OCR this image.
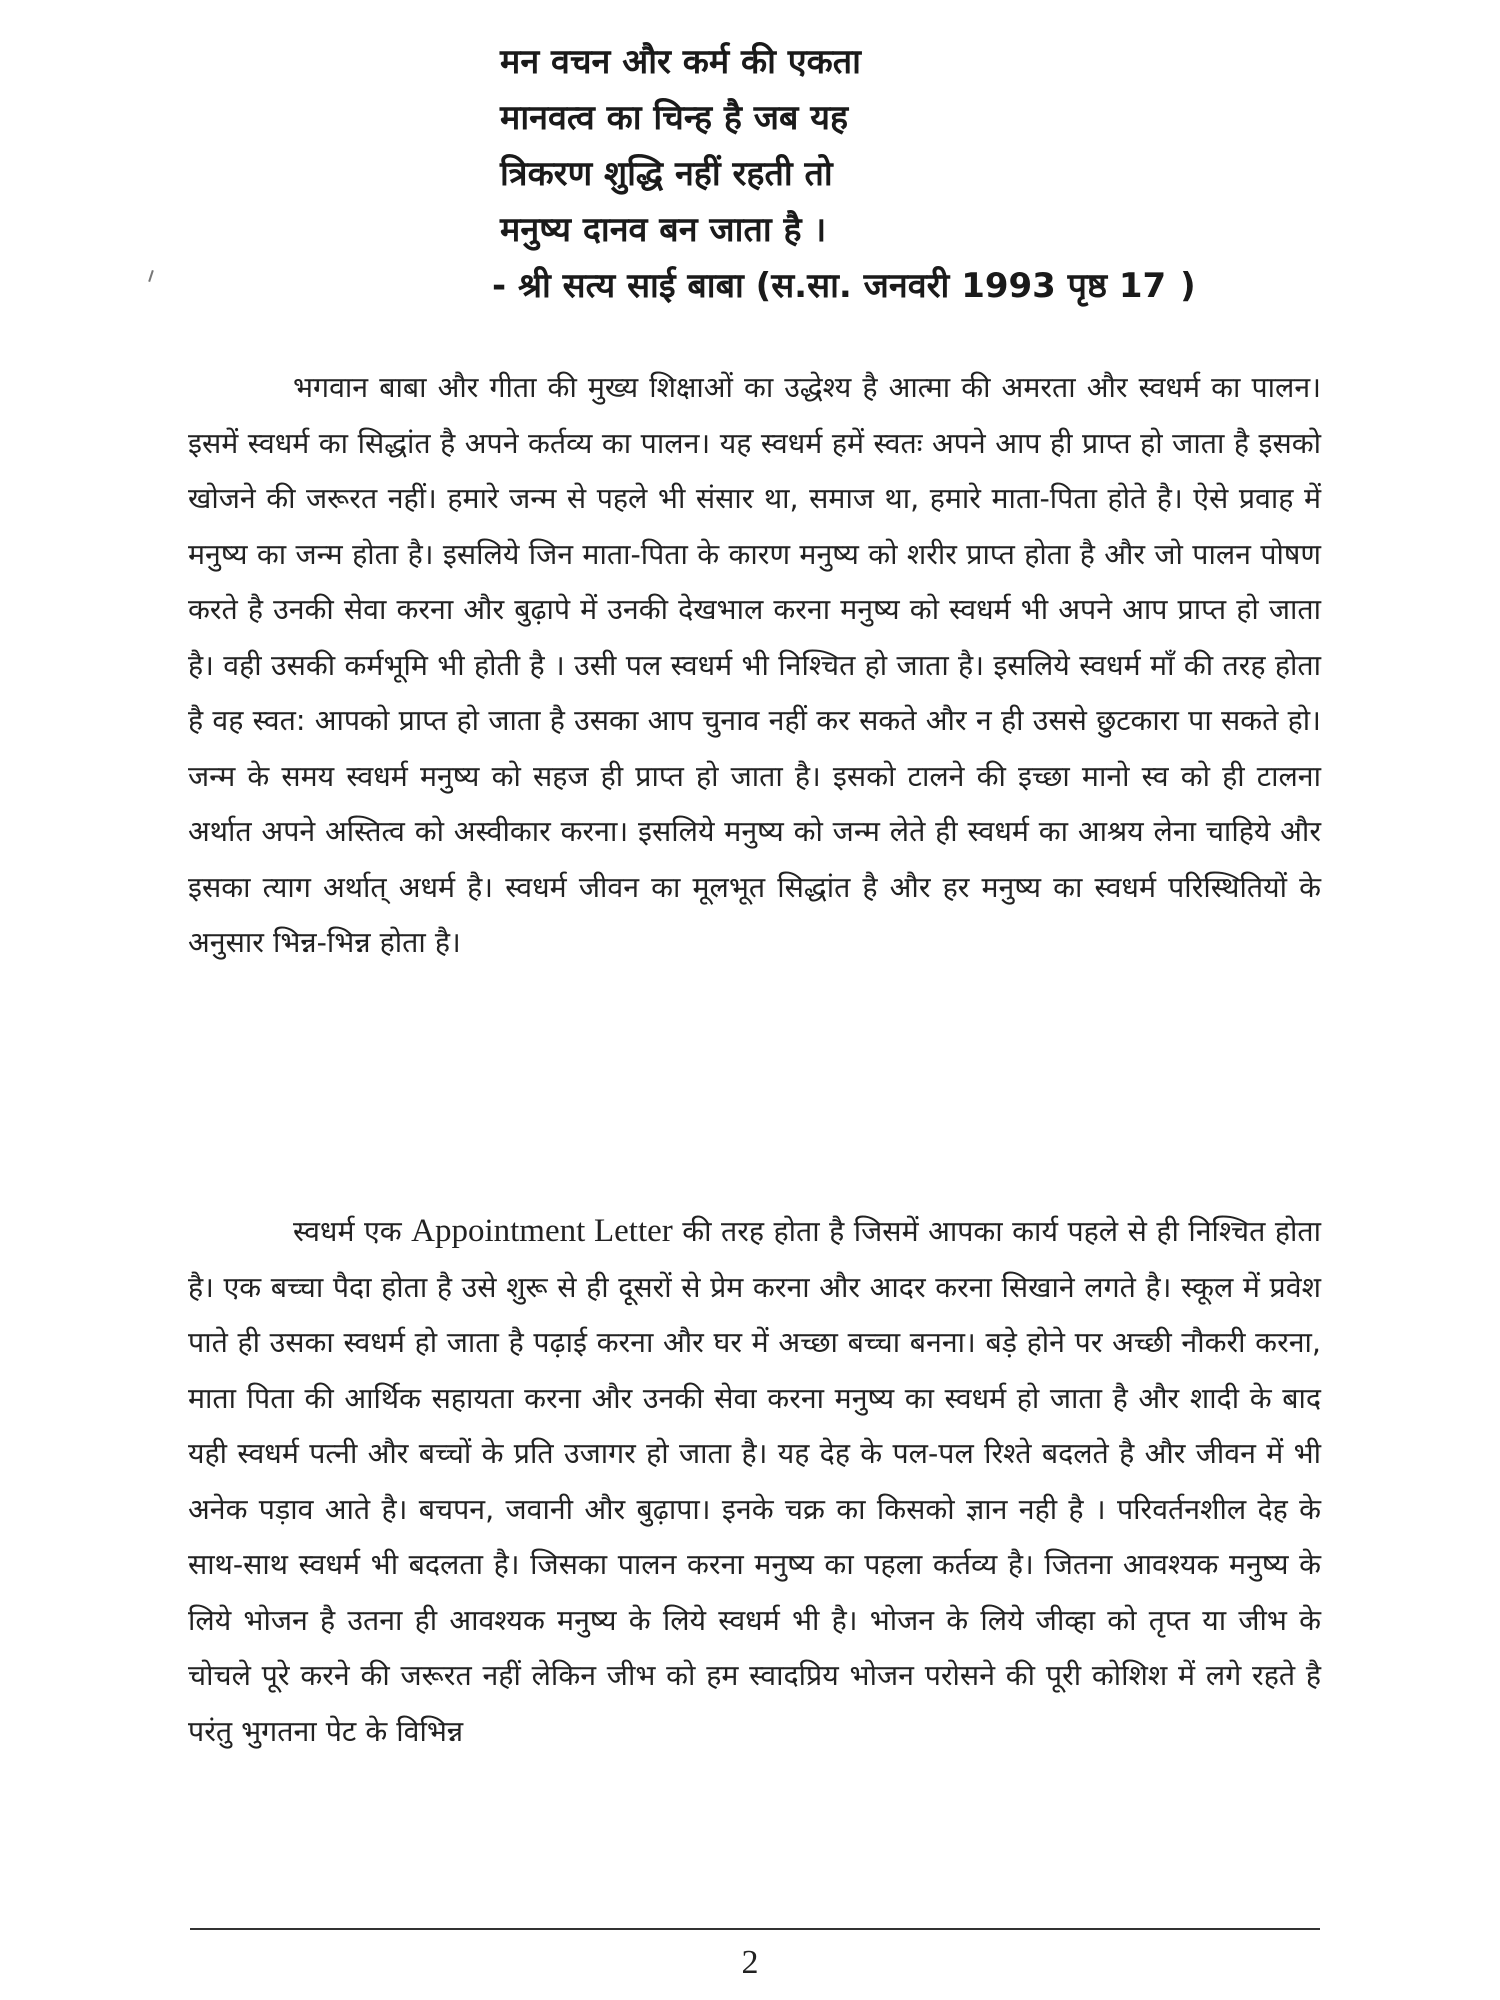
मन वचन और कर्म की एकता
मानवत्व का चिन्ह है जब यह
त्रिकरण शुद्धि नहीं रहती तो
मनुष्य दानव बन जाता है ।
- श्री सत्य साई बाबा (स.सा. जनवरी 1993 पृष्ठ 17 )

भगवान बाबा और गीता की मुख्य शिक्षाओं का उद्धेश्य है आत्मा की अमरता और स्वधर्म का पालन। इसमें स्वधर्म का सिद्धांत है अपने कर्तव्य का पालन। यह स्वधर्म हमें स्वतः अपने आप ही प्राप्त हो जाता है इसको खोजने की जरूरत नहीं। हमारे जन्म से पहले भी संसार था, समाज था, हमारे माता-पिता होते है। ऐसे प्रवाह में मनुष्य का जन्म होता है। इसलिये जिन माता-पिता के कारण मनुष्य को शरीर प्राप्त होता है और जो पालन पोषण करते है उनकी सेवा करना और बुढ़ापे में उनकी देखभाल करना मनुष्य को स्वधर्म भी अपने आप प्राप्त हो जाता है। वही उसकी कर्मभूमि भी होती है । उसी पल स्वधर्म भी निश्चित हो जाता है। इसलिये स्वधर्म माँ की तरह होता है वह स्वत: आपको प्राप्त हो जाता है उसका आप चुनाव नहीं कर सकते और न ही उससे छुटकारा पा सकते हो। जन्म के समय स्वधर्म मनुष्य को सहज ही प्राप्त हो जाता है। इसको टालने की इच्छा मानो स्व को ही टालना अर्थात अपने अस्तित्व को अस्वीकार करना। इसलिये मनुष्य को जन्म लेते ही स्वधर्म का आश्रय लेना चाहिये और इसका त्याग अर्थात् अधर्म है। स्वधर्म जीवन का मूलभूत सिद्धांत है और हर मनुष्य का स्वधर्म परिस्थितियों के अनुसार भिन्न-भिन्न होता है।

स्वधर्म एक Appointment Letter की तरह होता है जिसमें आपका कार्य पहले से ही निश्चित होता है। एक बच्चा पैदा होता है उसे शुरू से ही दूसरों से प्रेम करना और आदर करना सिखाने लगते है। स्कूल में प्रवेश पाते ही उसका स्वधर्म हो जाता है पढ़ाई करना और घर में अच्छा बच्चा बनना। बड़े होने पर अच्छी नौकरी करना, माता पिता की आर्थिक सहायता करना और उनकी सेवा करना मनुष्य का स्वधर्म हो जाता है और शादी के बाद यही स्वधर्म पत्नी और बच्चों के प्रति उजागर हो जाता है। यह देह के पल-पल रिश्ते बदलते है और जीवन में भी अनेक पड़ाव आते है। बचपन, जवानी और बुढ़ापा। इनके चक्र का किसको ज्ञान नही है । परिवर्तनशील देह के साथ-साथ स्वधर्म भी बदलता है। जिसका पालन करना मनुष्य का पहला कर्तव्य है। जितना आवश्यक मनुष्य के लिये भोजन है उतना ही आवश्यक मनुष्य के लिये स्वधर्म भी है। भोजन के लिये जीव्हा को तृप्त या जीभ के चोचले पूरे करने की जरूरत नहीं लेकिन जीभ को हम स्वादप्रिय भोजन परोसने की पूरी कोशिश में लगे रहते है परंतु भुगतना पेट के विभिन्न

2
